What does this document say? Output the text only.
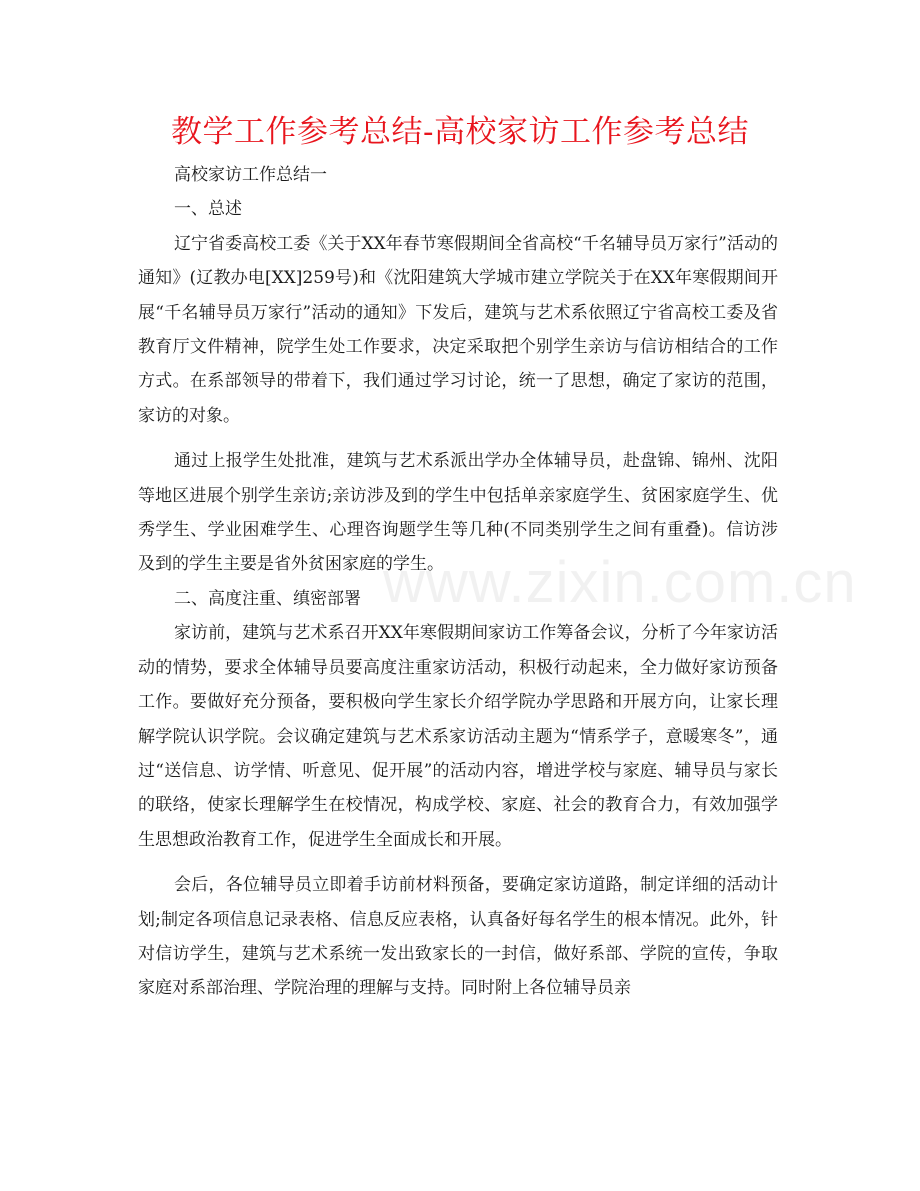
教学工作参考总结-高校家访工作参考总结

高校家访工作总结一

一、总述

辽宁省委高校工委《关于XX年春节寒假期间全省高校“千名辅导员万家行”活动的通知》(辽教办电[XX]259号)和《沈阳建筑大学城市建立学院关于在XX年寒假期间开展“千名辅导员万家行”活动的通知》下发后，建筑与艺术系依照辽宁省高校工委及省教育厅文件精神，院学生处工作要求，决定采取把个别学生亲访与信访相结合的工作方式。在系部领导的带着下，我们通过学习讨论，统一了思想，确定了家访的范围，家访的对象。

通过上报学生处批准，建筑与艺术系派出学办全体辅导员，赴盘锦、锦州、沈阳等地区进展个别学生亲访;亲访涉及到的学生中包括单亲家庭学生、贫困家庭学生、优秀学生、学业困难学生、心理咨询题学生等几种(不同类别学生之间有重叠)。信访涉及到的学生主要是省外贫困家庭的学生。

二、高度注重、缜密部署

家访前，建筑与艺术系召开XX年寒假期间家访工作筹备会议，分析了今年家访活动的情势，要求全体辅导员要高度注重家访活动，积极行动起来，全力做好家访预备工作。要做好充分预备，要积极向学生家长介绍学院办学思路和开展方向，让家长理解学院认识学院。会议确定建筑与艺术系家访活动主题为“情系学子，意暖寒冬”，通过“送信息、访学情、听意见、促开展”的活动内容，增进学校与家庭、辅导员与家长的联络，使家长理解学生在校情况，构成学校、家庭、社会的教育合力，有效加强学生思想政治教育工作，促进学生全面成长和开展。

会后，各位辅导员立即着手访前材料预备，要确定家访道路，制定详细的活动计划;制定各项信息记录表格、信息反应表格，认真备好每名学生的根本情况。此外，针对信访学生，建筑与艺术系统一发出致家长的一封信，做好系部、学院的宣传，争取家庭对系部治理、学院治理的理解与支持。同时附上各位辅导员亲

www.zixin.com.cn
